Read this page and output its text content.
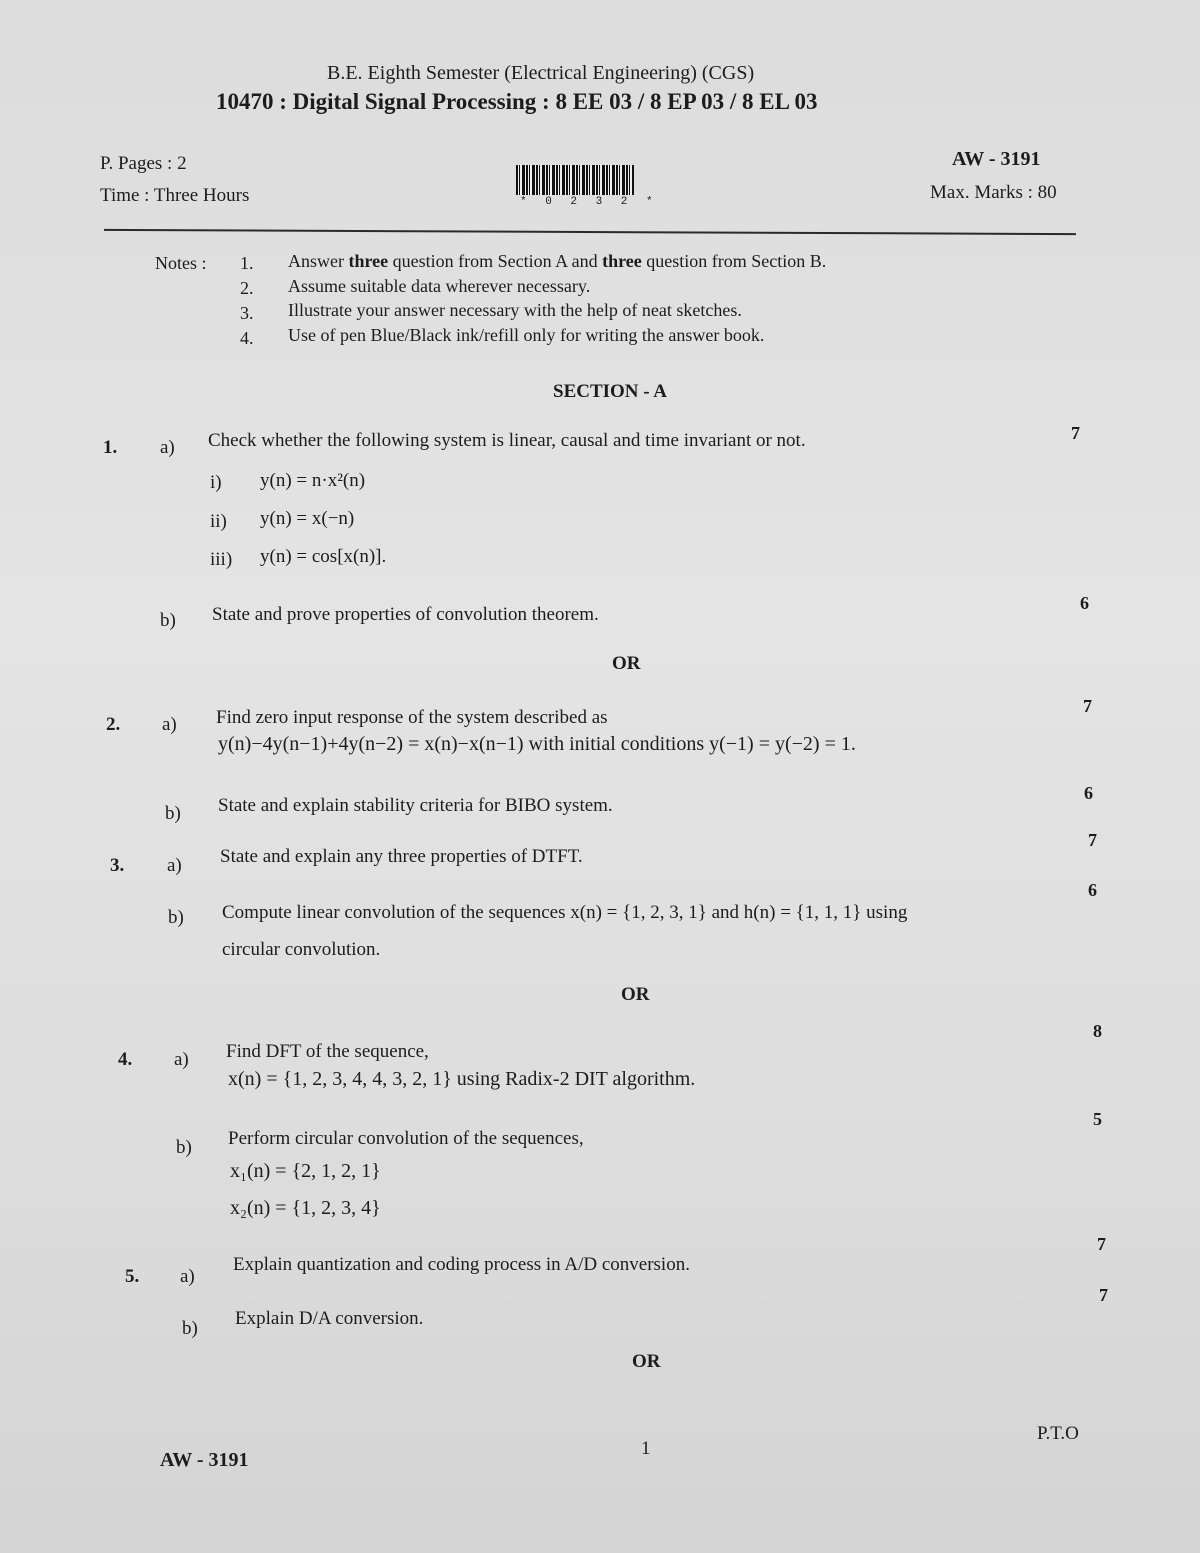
B.E. Eighth Semester (Electrical Engineering) (CGS)
10470 : Digital Signal Processing : 8 EE 03 / 8 EP 03 / 8 EL 03
P. Pages : 2
Time : Three Hours	* 0 2 3 2 *
AW - 3191
Max. Marks : 80
Notes : 1. Answer three question from Section A and three question from Section B.
2. Assume suitable data wherever necessary.
3. Illustrate your answer necessary with the help of neat sketches.
4. Use of pen Blue/Black ink/refill only for writing the answer book.
SECTION - A
1. a) Check whether the following system is linear, causal and time invariant or not.	7
i) y(n) = n·x²(n)
ii) y(n) = x(−n)
iii) y(n) = cos[x(n)].
b) State and prove properties of convolution theorem.
6
OR
2. a) Find zero input response of the system described as
y(n)−4y(n−1)+4y(n−2) = x(n)−x(n−1) with initial conditions y(−1) = y(−2) = 1.
7
b) State and explain stability criteria for BIBO system.
6
3. a) State and explain any three properties of DTFT.
7
b) Compute linear convolution of the sequences x(n) = {1, 2, 3, 1} and h(n) = {1, 1, 1} using
circular convolution.
6
OR
4. a) Find DFT of the sequence,
x(n) = {1, 2, 3, 4, 4, 3, 2, 1} using Radix-2 DIT algorithm.
8
b) Perform circular convolution of the sequences,
x₁(n) = {2, 1, 2, 1}
x₂(n) = {1, 2, 3, 4}
5
5. a)
Explain quantization and coding process in A/D conversion.
7
b) Explain D/A conversion.
7
OR
AW - 3191
1
P.T.O
